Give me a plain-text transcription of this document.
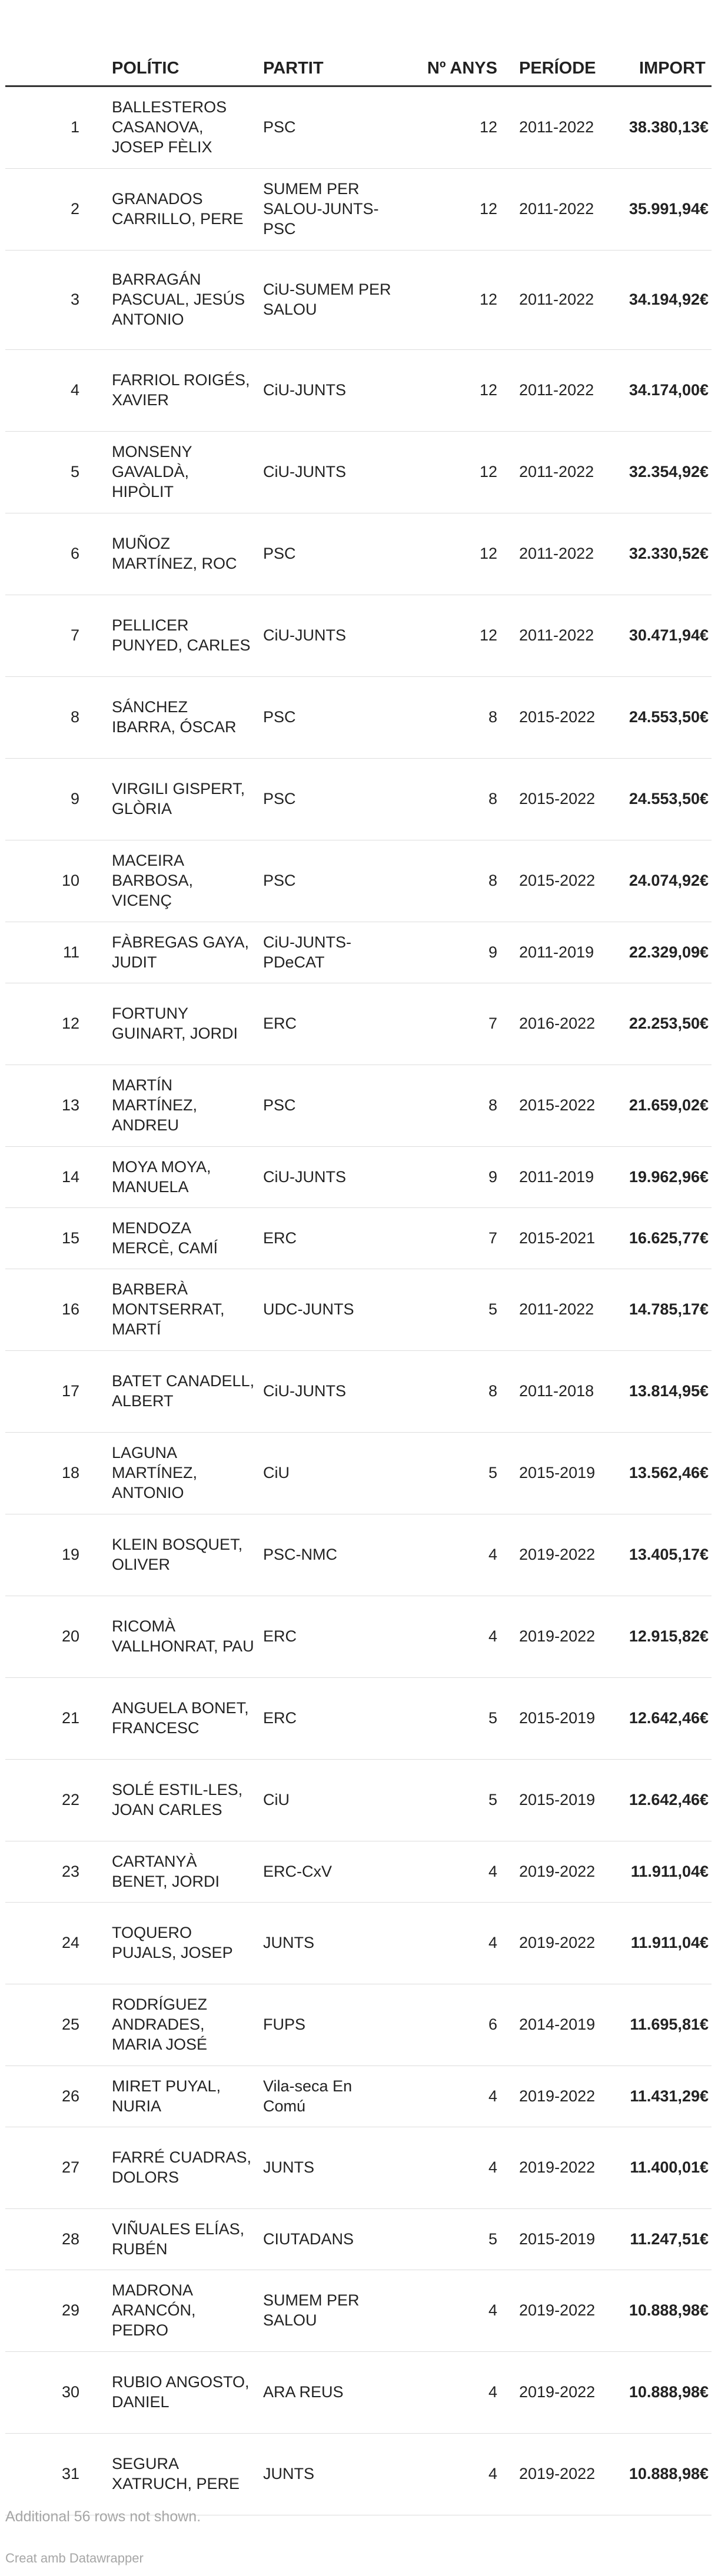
	POLÍTIC	PARTIT	Nº ANYS	PERÍODE	IMPORT
1	BALLESTEROS CASANOVA, JOSEP FÈLIX	PSC	12	2011-2022	38.380,13€
2	GRANADOS CARRILLO, PERE	SUMEM PER SALOU-JUNTS-PSC	12	2011-2022	35.991,94€
3	BARRAGÁN PASCUAL, JESÚS ANTONIO	CiU-SUMEM PER SALOU	12	2011-2022	34.194,92€
4	FARRIOL ROIGÉS, XAVIER	CiU-JUNTS	12	2011-2022	34.174,00€
5	MONSENY GAVALDÀ, HIPÒLIT	CiU-JUNTS	12	2011-2022	32.354,92€
6	MUÑOZ MARTÍNEZ, ROC	PSC	12	2011-2022	32.330,52€
7	PELLICER PUNYED, CARLES	CiU-JUNTS	12	2011-2022	30.471,94€
8	SÁNCHEZ IBARRA, ÓSCAR	PSC	8	2015-2022	24.553,50€
9	VIRGILI GISPERT, GLÒRIA	PSC	8	2015-2022	24.553,50€
10	MACEIRA BARBOSA, VICENÇ	PSC	8	2015-2022	24.074,92€
11	FÀBREGAS GAYA, JUDIT	CiU-JUNTS-PDeCAT	9	2011-2019	22.329,09€
12	FORTUNY GUINART, JORDI	ERC	7	2016-2022	22.253,50€
13	MARTÍN MARTÍNEZ, ANDREU	PSC	8	2015-2022	21.659,02€
14	MOYA MOYA, MANUELA	CiU-JUNTS	9	2011-2019	19.962,96€
15	MENDOZA MERCÈ, CAMÍ	ERC	7	2015-2021	16.625,77€
16	BARBERÀ MONTSERRAT, MARTÍ	UDC-JUNTS	5	2011-2022	14.785,17€
17	BATET CANADELL, ALBERT	CiU-JUNTS	8	2011-2018	13.814,95€
18	LAGUNA MARTÍNEZ, ANTONIO	CiU	5	2015-2019	13.562,46€
19	KLEIN BOSQUET, OLIVER	PSC-NMC	4	2019-2022	13.405,17€
20	RICOMÀ VALLHONRAT, PAU	ERC	4	2019-2022	12.915,82€
21	ANGUELA BONET, FRANCESC	ERC	5	2015-2019	12.642,46€
22	SOLÉ ESTIL-LES, JOAN CARLES	CiU	5	2015-2019	12.642,46€
23	CARTANYÀ BENET, JORDI	ERC-CxV	4	2019-2022	11.911,04€
24	TOQUERO PUJALS, JOSEP	JUNTS	4	2019-2022	11.911,04€
25	RODRÍGUEZ ANDRADES, MARIA JOSÉ	FUPS	6	2014-2019	11.695,81€
26	MIRET PUYAL, NURIA	Vila-seca En Comú	4	2019-2022	11.431,29€
27	FARRÉ CUADRAS, DOLORS	JUNTS	4	2019-2022	11.400,01€
28	VIÑUALES ELÍAS, RUBÉN	CIUTADANS	5	2015-2019	11.247,51€
29	MADRONA ARANCÓN, PEDRO	SUMEM PER SALOU	4	2019-2022	10.888,98€
30	RUBIO ANGOSTO, DANIEL	ARA REUS	4	2019-2022	10.888,98€
31	SEGURA XATRUCH, PERE	JUNTS	4	2019-2022	10.888,98€
Additional 56 rows not shown.
Creat amb Datawrapper
